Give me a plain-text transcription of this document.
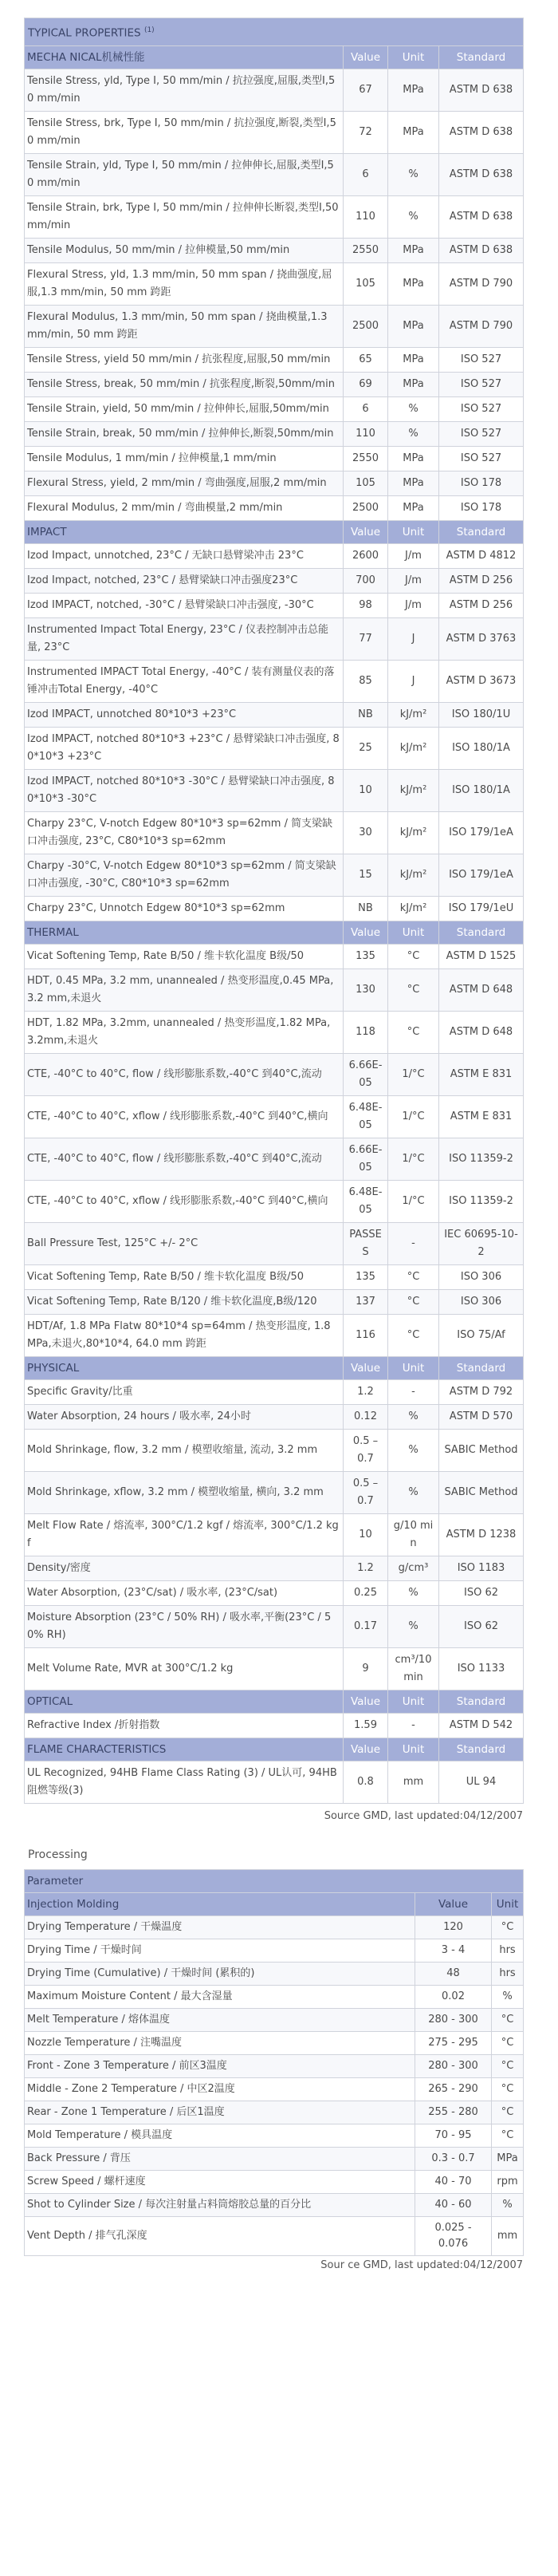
TYPICAL PROPERTIES $^{(1)}$
MECHA NICAL机械性能	Value	Unit	Standard
Tensile Stress, yld, Type I, 50 mm/min / 抗拉强度,屈服,类型I,50 mm/min	67	MPa	ASTM D 638
Tensile Stress, brk, Type I, 50 mm/min / 抗拉强度,断裂,类型I,50 mm/min	72	MPa	ASTM D 638
Tensile Strain, yld, Type I, 50 mm/min / 拉伸伸长,屈服,类型I,50 mm/min	6	%	ASTM D 638
Tensile Strain, brk, Type I, 50 mm/min / 拉伸伸长断裂,类型I,50 mm/min	110	%	ASTM D 638
Tensile Modulus, 50 mm/min / 拉伸模量,50 mm/min	2550	MPa	ASTM D 638
Flexural Stress, yld, 1.3 mm/min, 50 mm span / 挠曲强度,屈服,1.3 mm/min, 50 mm 跨距	105	MPa	ASTM D 790
Flexural Modulus, 1.3 mm/min, 50 mm span / 挠曲模量,1.3 mm/min, 50 mm 跨距	2500	MPa	ASTM D 790
Tensile Stress, yield 50 mm/min / 抗张程度,屈服,50 mm/min	65	MPa	ISO 527
Tensile Stress, break, 50 mm/min / 抗张程度,断裂,50mm/min	69	MPa	ISO 527
Tensile Strain, yield, 50 mm/min / 拉伸伸长,屈服,50mm/min	6	%	ISO 527
Tensile Strain, break, 50 mm/min / 拉伸伸长,断裂,50mm/min	110	%	ISO 527
Tensile Modulus, 1 mm/min / 拉伸模量,1 mm/min	2550	MPa	ISO 527
Flexural Stress, yield, 2 mm/min / 弯曲强度,屈服,2 mm/min	105	MPa	ISO 178
Flexural Modulus, 2 mm/min / 弯曲模量,2 mm/min	2500	MPa	ISO 178
IMPACT	Value	Unit	Standard
Izod Impact, unnotched, 23°C / 无缺口悬臂梁冲击 23°C	2600	J/m	ASTM D 4812
Izod Impact, notched, 23°C / 悬臂梁缺口冲击强度23°C	700	J/m	ASTM D 256
Izod IMPACT, notched, -30°C / 悬臂梁缺口冲击强度, -30°C	98	J/m	ASTM D 256
Instrumented Impact Total Energy, 23°C / 仪表控制冲击总能量, 23°C	77	J	ASTM D 3763
Instrumented IMPACT Total Energy, -40°C / 装有测量仪表的落锤冲击Total Energy, -40°C	85	J	ASTM D 3673
Izod IMPACT, unnotched 80*10*3 +23°C	NB	kJ/m²	ISO 180/1U
Izod IMPACT, notched 80*10*3 +23°C / 悬臂梁缺口冲击强度, 80*10*3 +23°C	25	kJ/m²	ISO 180/1A
Izod IMPACT, notched 80*10*3 -30°C / 悬臂梁缺口冲击强度, 80*10*3 -30°C	10	kJ/m²	ISO 180/1A
Charpy 23°C, V-notch Edgew 80*10*3 sp=62mm / 简支梁缺口冲击强度, 23°C, C80*10*3 sp=62mm	30	kJ/m²	ISO 179/1eA
Charpy -30°C, V-notch Edgew 80*10*3 sp=62mm / 简支梁缺口冲击强度, -30°C, C80*10*3 sp=62mm	15	kJ/m²	ISO 179/1eA
Charpy 23°C, Unnotch Edgew 80*10*3 sp=62mm	NB	kJ/m²	ISO 179/1eU
THERMAL	Value	Unit	Standard
Vicat Softening Temp, Rate B/50 / 维卡软化温度 B级/50	135	°C	ASTM D 1525
HDT, 0.45 MPa, 3.2 mm, unannealed / 热变形温度,0.45 MPa, 3.2 mm,未退火	130	°C	ASTM D 648
HDT, 1.82 MPa, 3.2mm, unannealed / 热变形温度,1.82 MPa, 3.2mm,未退火	118	°C	ASTM D 648
CTE, -40°C to 40°C, flow / 线形膨胀系数,-40°C 到40°C,流动	6.66E-05	1/°C	ASTM E 831
CTE, -40°C to 40°C, xflow / 线形膨胀系数,-40°C 到40°C,横向	6.48E-05	1/°C	ASTM E 831
CTE, -40°C to 40°C, flow / 线形膨胀系数,-40°C 到40°C,流动	6.66E-05	1/°C	ISO 11359-2
CTE, -40°C to 40°C, xflow / 线形膨胀系数,-40°C 到40°C,横向	6.48E-05	1/°C	ISO 11359-2
Ball Pressure Test, 125°C +/- 2°C	PASSES	-	IEC 60695-10-2
Vicat Softening Temp, Rate B/50 / 维卡软化温度 B级/50	135	°C	ISO 306
Vicat Softening Temp, Rate B/120 / 维卡软化温度,B级/120	137	°C	ISO 306
HDT/Af, 1.8 MPa Flatw 80*10*4 sp=64mm / 热变形温度, 1.8 MPa,未退火,80*10*4, 64.0 mm 跨距	116	°C	ISO 75/Af
PHYSICAL	Value	Unit	Standard
Specific Gravity/比重	1.2	-	ASTM D 792
Water Absorption, 24 hours / 吸水率, 24小时	0.12	%	ASTM D 570
Mold Shrinkage, flow, 3.2 mm / 模塑收缩量, 流动, 3.2 mm	0.5 – 0.7	%	SABIC Method
Mold Shrinkage, xflow, 3.2 mm / 模塑收缩量, 横向, 3.2 mm	0.5 – 0.7	%	SABIC Method
Melt Flow Rate / 熔流率, 300°C/1.2 kgf / 熔流率, 300°C/1.2 kgf	10	g/10 min	ASTM D 1238
Density/密度	1.2	g/cm³	ISO 1183
Water Absorption, (23°C/sat) / 吸水率, (23°C/sat)	0.25	%	ISO 62
Moisture Absorption (23°C / 50% RH) / 吸水率,平衡(23°C / 50% RH)	0.17	%	ISO 62
Melt Volume Rate, MVR at 300°C/1.2 kg	9	cm³/10 min	ISO 1133
OPTICAL	Value	Unit	Standard
Refractive Index /折射指数	1.59	-	ASTM D 542
FLAME CHARACTERISTICS	Value	Unit	Standard
UL Recognized, 94HB Flame Class Rating (3) / UL认可, 94HB 阻燃等级(3)	0.8	mm	UL 94
Source GMD, last updated:04/12/2007
Processing
Parameter		
Injection Molding	Value	Unit
Drying Temperature / 干燥温度	120	°C
Drying Time / 干燥时间	3 - 4	hrs
Drying Time (Cumulative) / 干燥时间 (累积的)	48	hrs
Maximum Moisture Content / 最大含湿量	0.02	%
Melt Temperature / 熔体温度	280 - 300	°C
Nozzle Temperature / 注嘴温度	275 - 295	°C
Front - Zone 3 Temperature / 前区3温度	280 - 300	°C
Middle - Zone 2 Temperature / 中区2温度	265 - 290	°C
Rear - Zone 1 Temperature / 后区1温度	255 - 280	°C
Mold Temperature / 模具温度	70 - 95	°C
Back Pressure / 背压	0.3 - 0.7	MPa
Screw Speed / 螺杆速度	40 - 70	rpm
Shot to Cylinder Size / 每次注射量占料筒熔胶总量的百分比	40 - 60	%
Vent Depth / 排气孔深度	0.025 - 0.076	mm
Sour ce GMD, last updated:04/12/2007
